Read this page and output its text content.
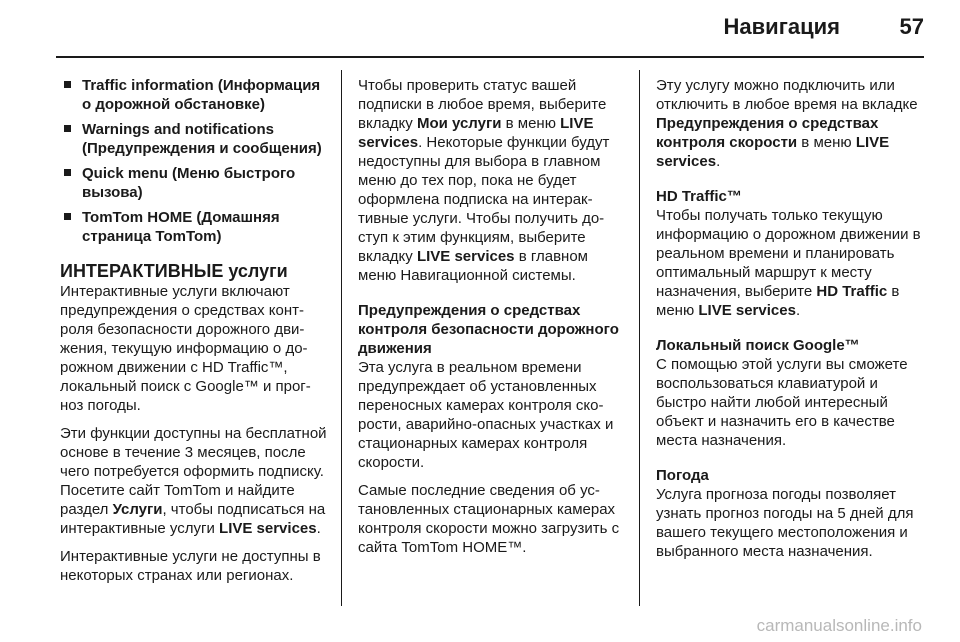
Навигация	57
Traffic information (Информация о дорожной обстановке)
Warnings and notifications (Предупреждения и сообщения)
Quick menu (Меню быстрого вызова)
TomTom HOME (Домашняя страница TomTom)
ИНТЕРАКТИВНЫЕ услуги

Интерактивные услуги включают предупреждения о средствах контроля безопасности дорожного движения, текущую информацию о дорожном движении с HD Traffic™, локальный поиск с Google™ и прогноз погоды.

Эти функции доступны на бесплатной основе в течение 3 месяцев, после чего потребуется оформить подписку. Посетите сайт TomTom и найдите раздел Услуги, чтобы подписаться на интерактивные услуги LIVE services.

Интерактивные услуги не доступны в некоторых странах или регионах.

Чтобы проверить статус вашей подписки в любое время, выберите вкладку Мои услуги в меню LIVE services. Некоторые функции будут недоступны для выбора в главном меню до тех пор, пока не будет оформлена подписка на интерактивные услуги. Чтобы получить доступ к этим функциям, выберите вкладку LIVE services в главном меню Навигационной системы.

Предупреждения о средствах контроля безопасности дорожного движения

Эта услуга в реальном времени предупреждает об установленных переносных камерах контроля скорости, аварийно-опасных участках и стационарных камерах контроля скорости.

Самые последние сведения об установленных стационарных камерах контроля скорости можно загрузить с сайта TomTom HOME™.

Эту услугу можно подключить или отключить в любое время на вкладке Предупреждения о средствах контроля скорости в меню LIVE services.

HD Traffic™

Чтобы получать только текущую информацию о дорожном движении в реальном времени и планировать оптимальный маршрут к месту назначения, выберите HD Traffic в меню LIVE services.

Локальный поиск Google™

С помощью этой услуги вы сможете воспользоваться клавиатурой и быстро найти любой интересный объект и назначить его в качестве места назначения.

Погода

Услуга прогноза погоды позволяет узнать прогноз погоды на 5 дней для вашего текущего местоположения и выбранного места назначения.

carmanualsonline.info
